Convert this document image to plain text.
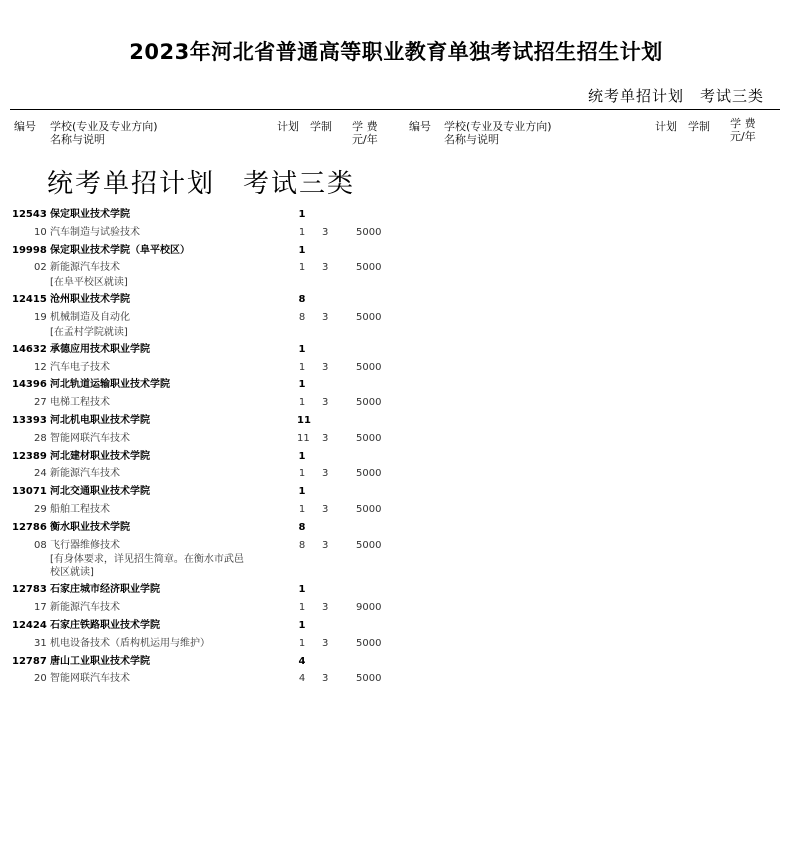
2023年河北省普通高等职业教育单独考试招生招生计划
统考单招计划　考试三类
编号 学校(专业及专业方向)
名称与说明
计划 学制 学 费
元/年
编号 学校(专业及专业方向)
名称与说明
计划 学制 学 费
元/年
统考单招计划　考试三类
12543 保定职业技术学院	1
10 汽车制造与试验技术	1 3	5000
19998 保定职业技术学院（阜平校区）	1
02 新能源汽车技术	1 3	5000
[在阜平校区就读]
12415 沧州职业技术学院	8
19 机械制造及自动化	8 3	5000
[在孟村学院就读]
14632 承德应用技术职业学院	1
12 汽车电子技术	1 3	5000
14396 河北轨道运输职业技术学院	1
27 电梯工程技术	1 3	5000
13393 河北机电职业技术学院	11
28 智能网联汽车技术	11 3	5000
12389 河北建材职业技术学院	1
24 新能源汽车技术	1 3	5000
13071 河北交通职业技术学院	1
29 船舶工程技术	1 3	5000
12786 衡水职业技术学院	8
08 飞行器维修技术	8 3	5000
[有身体要求，详见招生简章。在衡水市武邑
校区就读]
12783 石家庄城市经济职业学院	1
17 新能源汽车技术	1 3	9000
12424 石家庄铁路职业技术学院	1
31 机电设备技术（盾构机运用与维护）	1 3	5000
12787 唐山工业职业技术学院	4
20 智能网联汽车技术	4 3	5000
